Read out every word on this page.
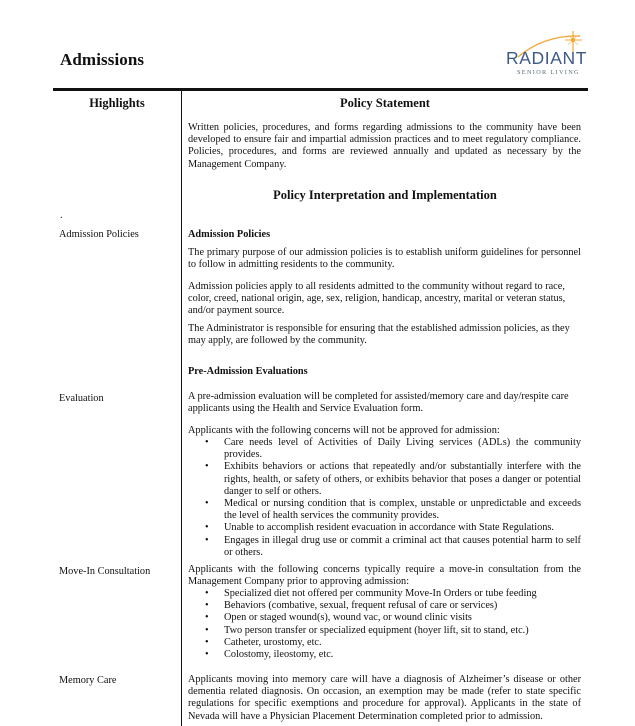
Admissions	RADIANT
SENIOR LIVING
Highlights	Policy Statement
Written policies, procedures, and forms regarding admissions to the community have been developed to ensure fair and impartial admission practices and to meet regulatory compliance. Policies, procedures, and forms are reviewed annually and updated as necessary by the Management Company.
Policy Interpretation and Implementation
.
Admission Policies
Evaluation
Move-In Consultation
Memory Care
Admission Policies
The primary purpose of our admission policies is to establish uniform guidelines for personnel to follow in admitting residents to the community.
Admission policies apply to all residents admitted to the community without regard to race, color, creed, national origin, age, sex, religion, handicap, ancestry, marital or veteran status, and/or payment source.
The Administrator is responsible for ensuring that the established admission policies, as they may apply, are followed by the community.
Pre-Admission Evaluations
A pre-admission evaluation will be completed for assisted/memory care and day/respite care applicants using the Health and Service Evaluation form.
Applicants with the following concerns will not be approved for admission:
• Care needs level of Activities of Daily Living services (ADLs) the community provides.
• Exhibits behaviors or actions that repeatedly and/or substantially interfere with the rights, health, or safety of others, or exhibits behavior that poses a danger or potential danger to self or others.
• Medical or nursing condition that is complex, unstable or unpredictable and exceeds the level of health services the community provides.
• Unable to accomplish resident evacuation in accordance with State Regulations.
• Engages in illegal drug use or commit a criminal act that causes potential harm to self or others.
Applicants with the following concerns typically require a move-in consultation from the Management Company prior to approving admission:
• Specialized diet not offered per community Move-In Orders or tube feeding
• Behaviors (combative, sexual, frequent refusal of care or services)
• Open or staged wound(s), wound vac, or wound clinic visits
• Two person transfer or specialized equipment (hoyer lift, sit to stand, etc.)
• Catheter, urostomy, etc.
• Colostomy, ileostomy, etc.
Applicants moving into memory care will have a diagnosis of Alzheimer’s disease or other dementia related diagnosis. On occasion, an exemption may be made (refer to state specific regulations for specific exemptions and procedure for approval). Applicants in the state of Nevada will have a Physician Placement Determination completed prior to admission.
